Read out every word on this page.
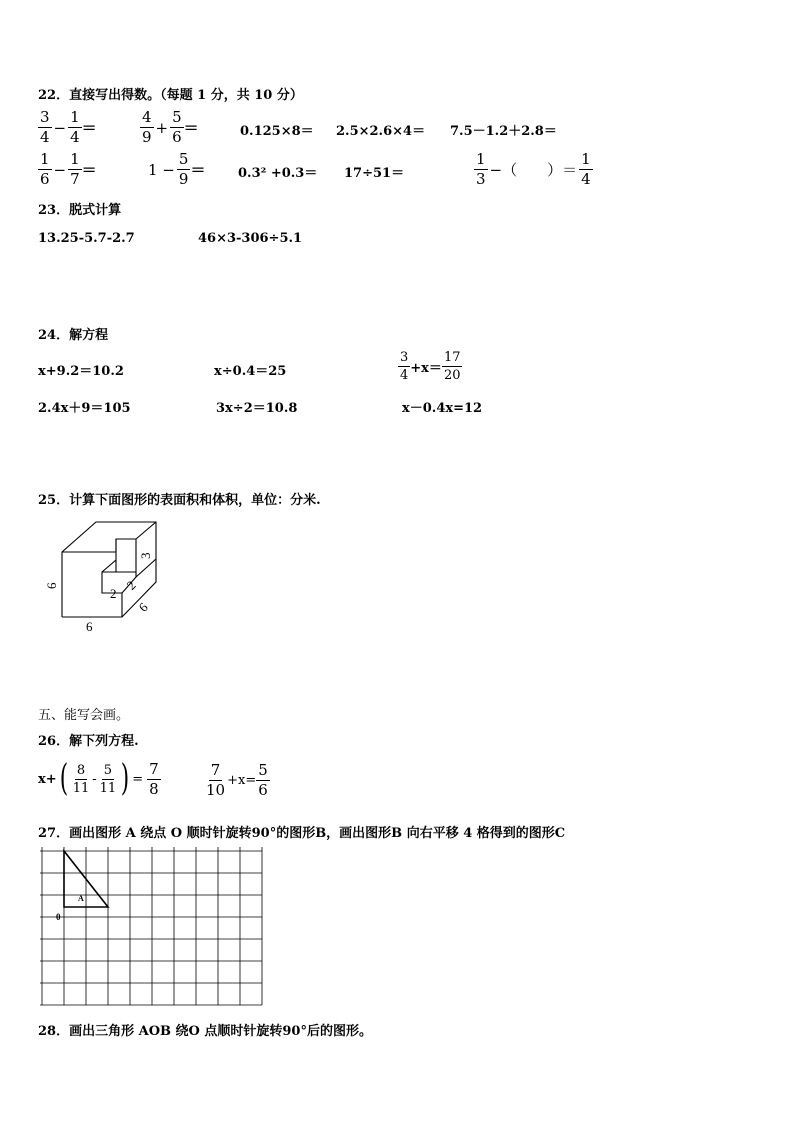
22．直接写出得数。（每题 1 分，共 10 分）
$\frac{3}{4} - \frac{1}{4}$ ＝	$\frac{4}{9} + \frac{5}{6}$ ＝	0.125×8＝ 2.5×2.6×4＝ 7.5－1.2＋2.8＝
$\frac{1}{6} - \frac{1}{7}$ ＝	$1 - \frac{5}{9}$ ＝	0.3² +0.3＝ 17÷51＝	$\frac{1}{3}$ −（　　）＝ $\frac{1}{4}$
23．脱式计算
13.25-5.7-2.7	46×3-306÷5.1
24．解方程
x+9.2＝10.2	x÷0.4＝25	$\frac{3}{4} +x= \frac{17}{20}$
2.4x＋9＝105	3x÷2＝10.8	x－0.4x=12
25．计算下面图形的表面积和体积，单位：分米.
6
6
6
3
2
2
五、能写会画。
26．解下列方程.
x+ ( $\frac{8}{11} - \frac{5}{11}$ ) = $\frac{7}{8}$	$\frac{7}{10} +x= \frac{5}{6}$
27．画出图形 A 绕点 O 顺时针旋转90°的图形B，画出图形B 向右平移 4 格得到的图形C
A
0
28．画出三角形 AOB 绕O 点顺时针旋转90°后的图形。
